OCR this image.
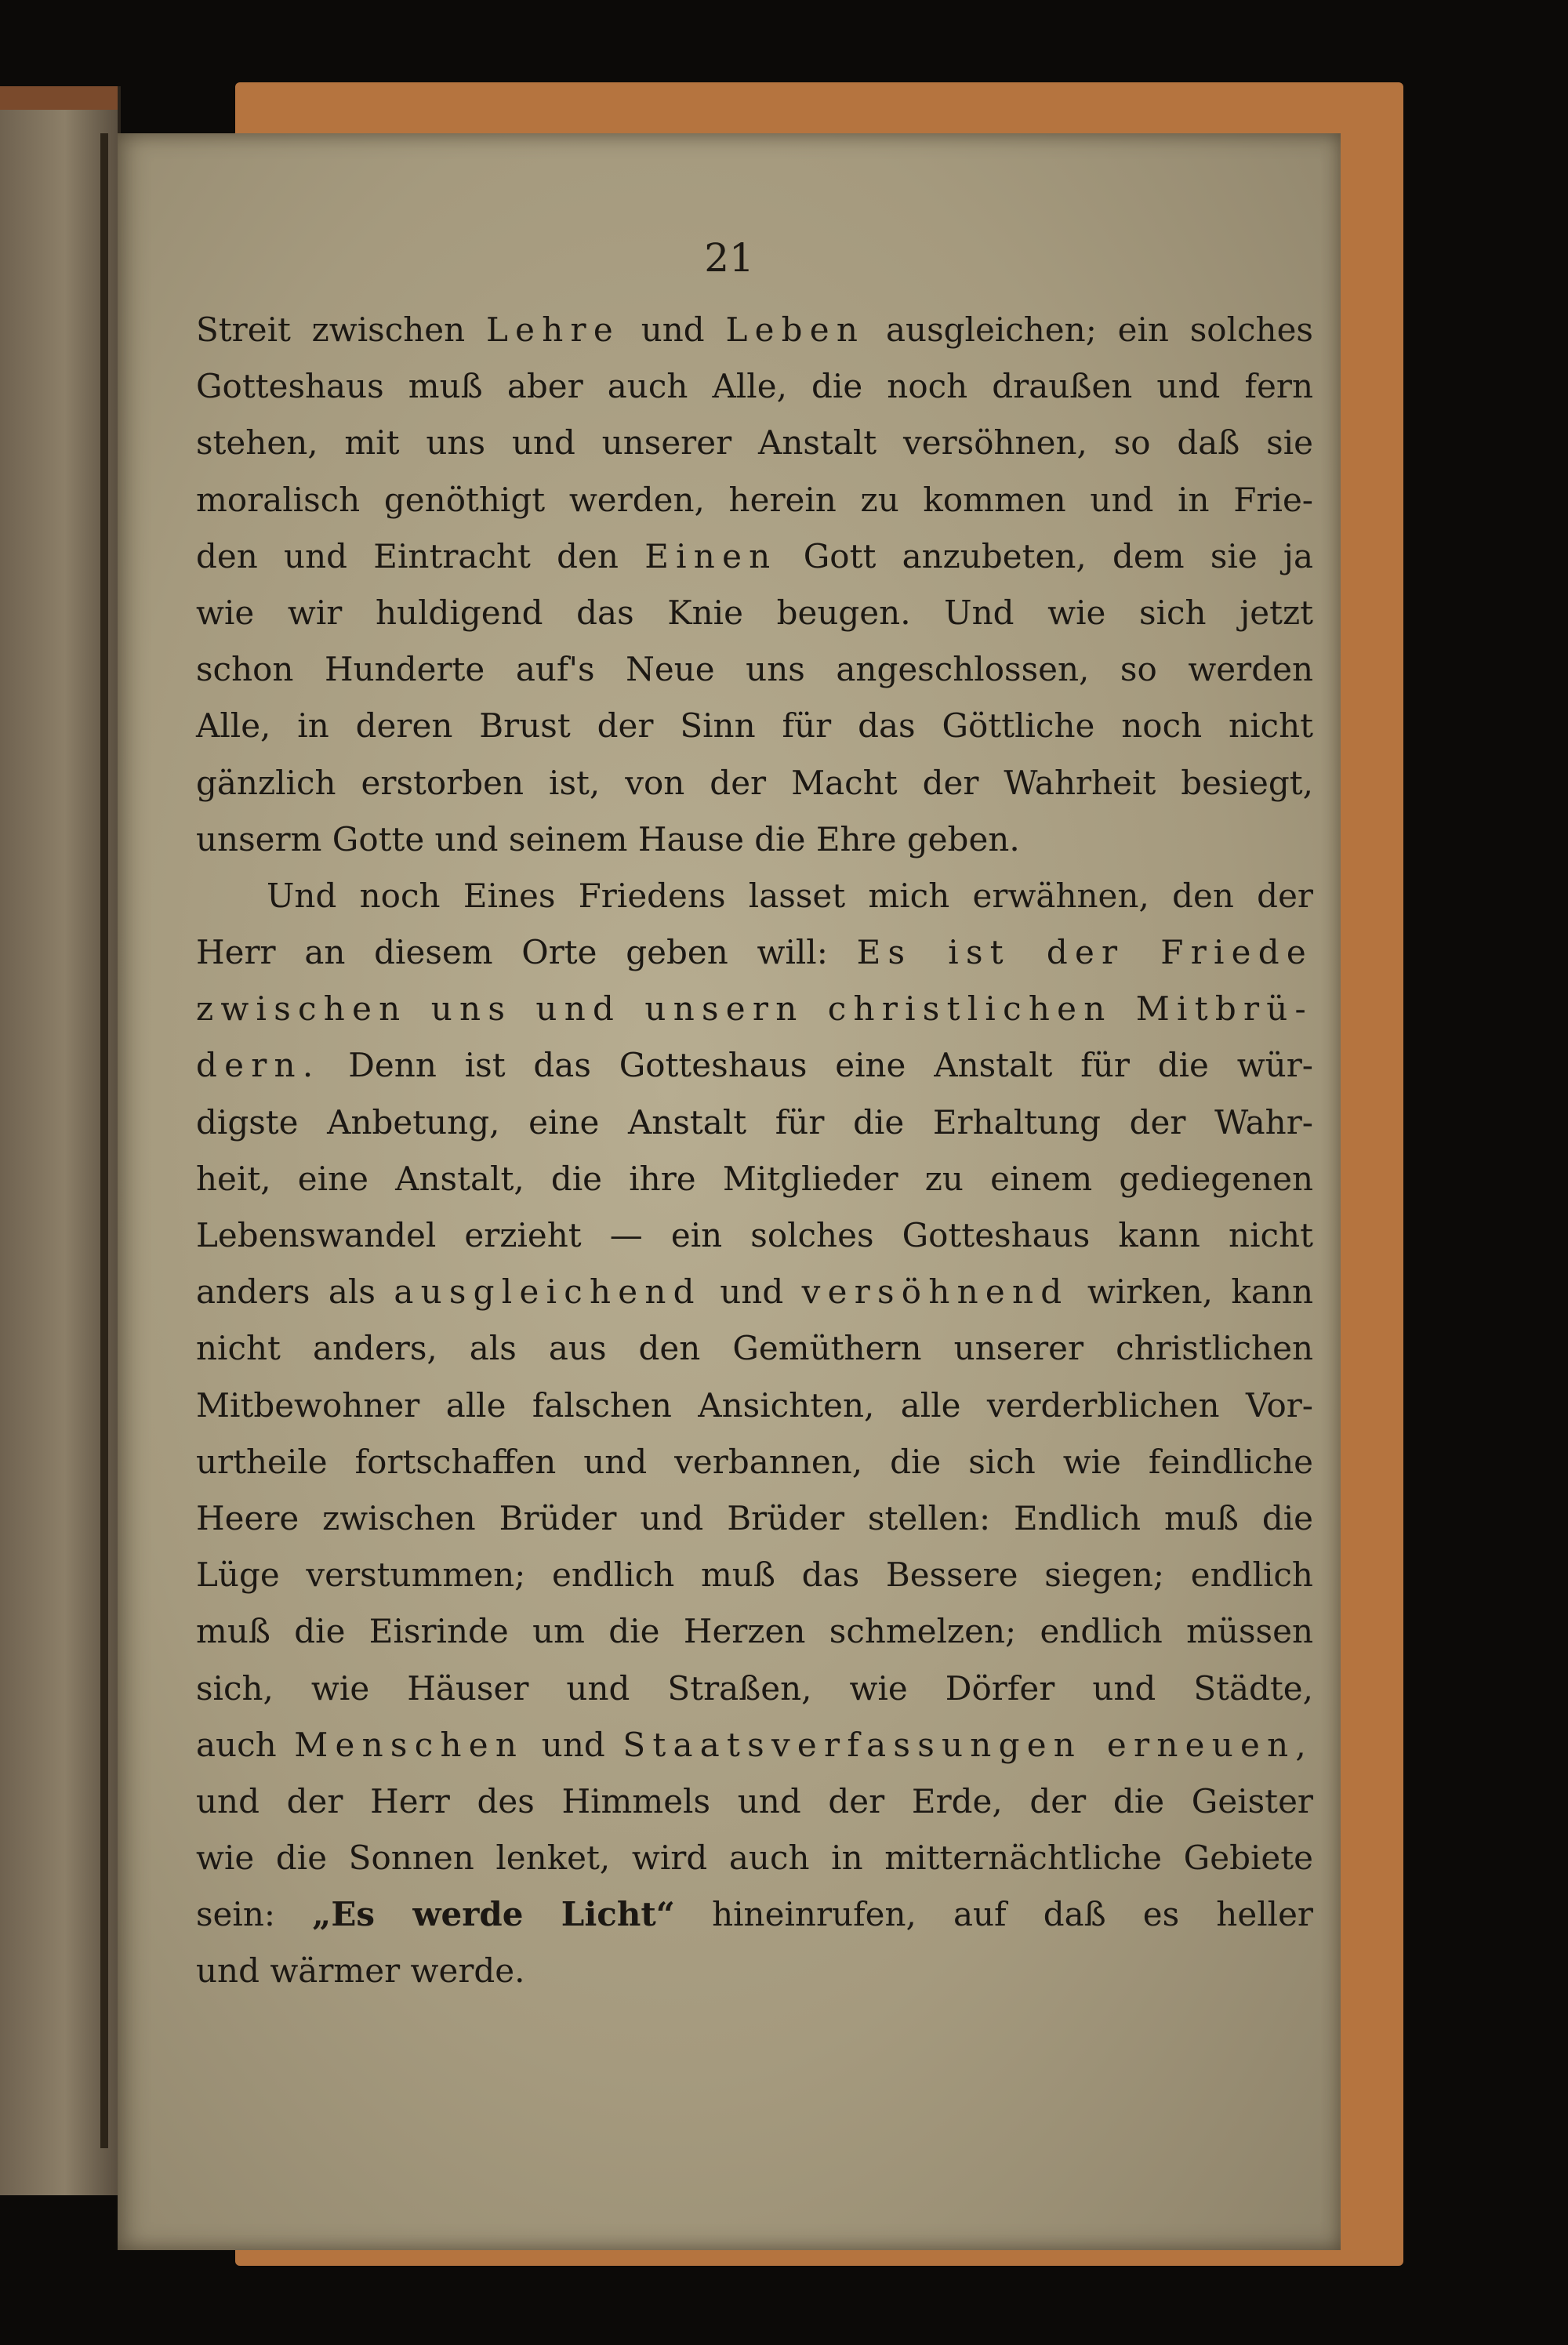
21
Streit zwischen Lehre und Leben ausgleichen; ein solches
Gotteshaus muß aber auch Alle, die noch draußen und fern
stehen, mit uns und unserer Anstalt versöhnen, so daß sie
moralisch genöthigt werden, herein zu kommen und in Frie-
den und Eintracht den Einen Gott anzubeten, dem sie ja
wie wir huldigend das Knie beugen. Und wie sich jetzt
schon Hunderte auf's Neue uns angeschlossen, so werden
Alle, in deren Brust der Sinn für das Göttliche noch nicht
gänzlich erstorben ist, von der Macht der Wahrheit besiegt,
unserm Gotte und seinem Hause die Ehre geben.
Und noch Eines Friedens lasset mich erwähnen, den der
Herr an diesem Orte geben will: Es ist der Friede
zwischen uns und unsern christlichen Mitbrü-
dern. Denn ist das Gotteshaus eine Anstalt für die wür-
digste Anbetung, eine Anstalt für die Erhaltung der Wahr-
heit, eine Anstalt, die ihre Mitglieder zu einem gediegenen
Lebenswandel erzieht — ein solches Gotteshaus kann nicht
anders als ausgleichend und versöhnend wirken, kann
nicht anders, als aus den Gemüthern unserer christlichen
Mitbewohner alle falschen Ansichten, alle verderblichen Vor-
urtheile fortschaffen und verbannen, die sich wie feindliche
Heere zwischen Brüder und Brüder stellen: Endlich muß die
Lüge verstummen; endlich muß das Bessere siegen; endlich
muß die Eisrinde um die Herzen schmelzen; endlich müssen
sich, wie Häuser und Straßen, wie Dörfer und Städte,
auch Menschen und Staatsverfassungen erneuen,
und der Herr des Himmels und der Erde, der die Geister
wie die Sonnen lenket, wird auch in mitternächtliche Gebiete
sein: „Es werde Licht“ hineinrufen, auf daß es heller
und wärmer werde.
